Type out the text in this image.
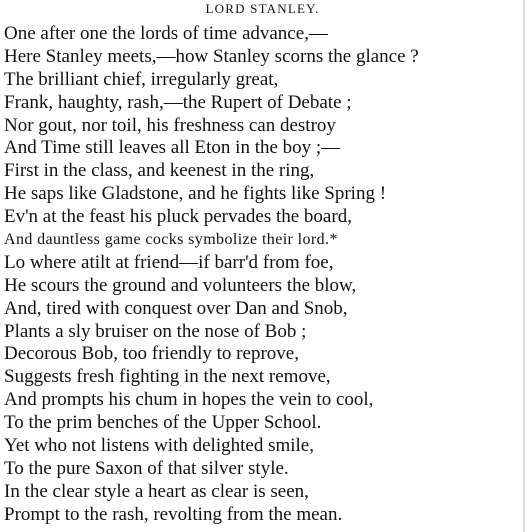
LORD STANLEY.
One after one the lords of time advance,—
Here Stanley meets,—how Stanley scorns the glance ?
The brilliant chief, irregularly great,
Frank, haughty, rash,—the Rupert of Debate ;
Nor gout, nor toil, his freshness can destroy
And Time still leaves all Eton in the boy ;—
First in the class, and keenest in the ring,
He saps like Gladstone, and he fights like Spring !
Ev'n at the feast his pluck pervades the board,
And dauntless game cocks symbolize their lord.*
Lo where atilt at friend—if barr'd from foe,
He scours the ground and volunteers the blow,
And, tired with conquest over Dan and Snob,
Plants a sly bruiser on the nose of Bob ;
Decorous Bob, too friendly to reprove,
Suggests fresh fighting in the next remove,
And prompts his chum in hopes the vein to cool,
To the prim benches of the Upper School.
Yet who not listens with delighted smile,
To the pure Saxon of that silver style.
In the clear style a heart as clear is seen,
Prompt to the rash, revolting from the mean.
